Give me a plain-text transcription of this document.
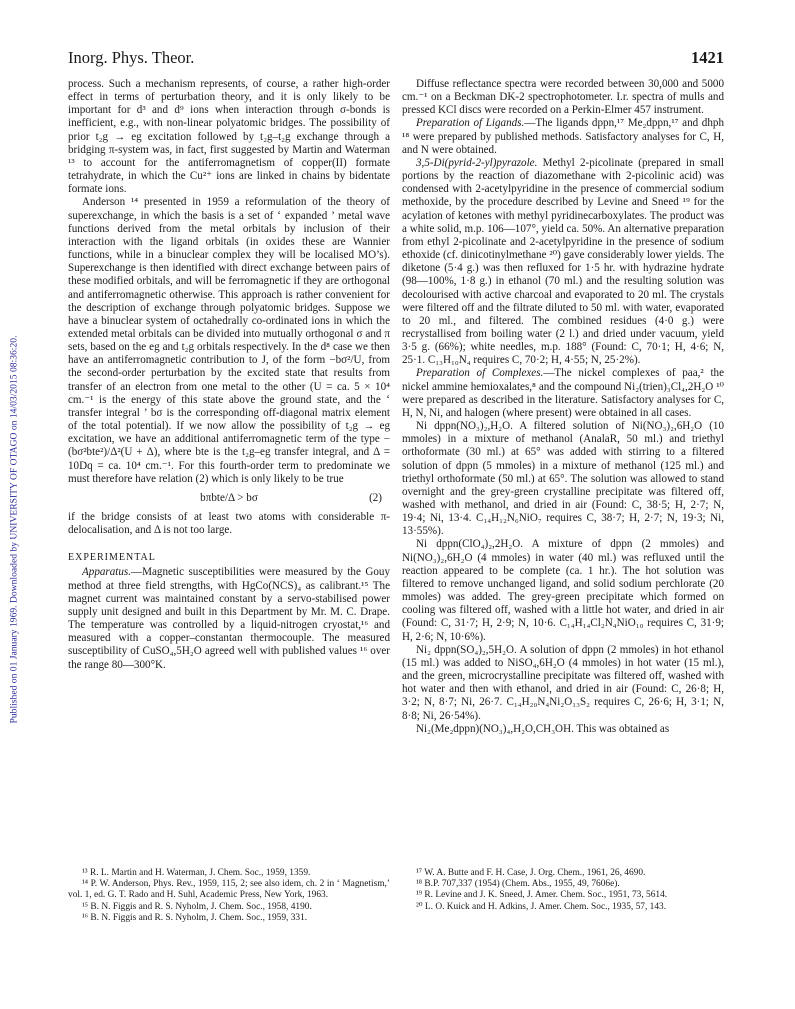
Inorg. Phys. Theor.	1421
Published on 01 January 1969. Downloaded by UNIVERSITY OF OTAGO on 14/03/2015 08:36:20.

process. Such a mechanism represents, of course, a rather high-order effect in terms of perturbation theory, and it is only likely to be important for d³ and d⁹ ions when interaction through σ-bonds is inefficient, e.g., with non-linear polyatomic bridges. The possibility of prior t₂g → eg excitation followed by t₂g–t₂g exchange through a bridging π-system was, in fact, first suggested by Martin and Waterman ¹³ to account for the antiferromagnetism of copper(II) formate tetrahydrate, in which the Cu²⁺ ions are linked in chains by bidentate formate ions.

Anderson ¹⁴ presented in 1959 a reformulation of the theory of superexchange, in which the basis is a set of ‘ expanded ’ metal wave functions derived from the metal orbitals by inclusion of their interaction with the ligand orbitals (in oxides these are Wannier functions, while in a binuclear complex they will be localised MO’s). Superexchange is then identified with direct exchange between pairs of these modified orbitals, and will be ferromagnetic if they are orthogonal and antiferromagnetic otherwise. This approach is rather convenient for the description of exchange through polyatomic bridges. Suppose we have a binuclear system of octahedrally co-ordinated ions in which the extended metal orbitals can be divided into mutually orthogonal σ and π sets, based on the eg and t₂g orbitals respectively. In the d⁸ case we then have an antiferromagnetic contribution to J, of the form −bσ²/U, from the second-order perturbation by the excited state that results from transfer of an electron from one metal to the other (U = ca. 5 × 10⁴ cm.⁻¹ is the energy of this state above the ground state, and the ‘ transfer integral ’ bσ is the corresponding off-diagonal matrix element of the total potential). If we now allow the possibility of t₂g → eg excitation, we have an additional antiferromagnetic term of the type −(bσ²bte²)/Δ²(U + Δ), where bte is the t₂g–eg transfer integral, and Δ = 10Dq = ca. 10⁴ cm.⁻¹. For this fourth-order term to predominate we must therefore have relation (2) which is only likely to be true

bπbte/Δ > bσ	(2)

if the bridge consists of at least two atoms with considerable π-delocalisation, and Δ is not too large.

EXPERIMENTAL

Apparatus.—Magnetic susceptibilities were measured by the Gouy method at three field strengths, with HgCo(NCS)₄ as calibrant.¹⁵ The magnet current was maintained constant by a servo-stabilised power supply unit designed and built in this Department by Mr. M. C. Drape. The temperature was controlled by a liquid-nitrogen cryostat,¹⁶ and measured with a copper–constantan thermocouple. The measured susceptibility of CuSO₄,5H₂O agreed well with published values ¹⁶ over the range 80—300°K.

Diffuse reflectance spectra were recorded between 30,000 and 5000 cm.⁻¹ on a Beckman DK-2 spectrophotometer. I.r. spectra of mulls and pressed KCl discs were recorded on a Perkin-Elmer 457 instrument.

Preparation of Ligands.—The ligands dppn,¹⁷ Me₂dppn,¹⁷ and dhph ¹⁸ were prepared by published methods. Satisfactory analyses for C, H, and N were obtained.

3,5-Di(pyrid-2-yl)pyrazole. Methyl 2-picolinate (prepared in small portions by the reaction of diazomethane with 2-picolinic acid) was condensed with 2-acetylpyridine in the presence of commercial sodium methoxide, by the procedure described by Levine and Sneed ¹⁹ for the acylation of ketones with methyl pyridinecarboxylates. The product was a white solid, m.p. 106—107°, yield ca. 50%. An alternative preparation from ethyl 2-picolinate and 2-acetylpyridine in the presence of sodium ethoxide (cf. dinicotinylmethane ²⁰) gave considerably lower yields. The diketone (5·4 g.) was then refluxed for 1·5 hr. with hydrazine hydrate (98—100%, 1·8 g.) in ethanol (70 ml.) and the resulting solution was decolourised with active charcoal and evaporated to 20 ml. The crystals were filtered off and the filtrate diluted to 50 ml. with water, evaporated to 20 ml., and filtered. The combined residues (4·0 g.) were recrystallised from boiling water (2 l.) and dried under vacuum, yield 3·5 g. (66%); white needles, m.p. 188° (Found: C, 70·1; H, 4·6; N, 25·1. C₁₃H₁₀N₄ requires C, 70·2; H, 4·55; N, 25·2%).

Preparation of Complexes.—The nickel complexes of paa,² the nickel ammine hemioxalates,⁸ and the compound Ni₂(trien)₃Cl₄,2H₂O ¹⁰ were prepared as described in the literature. Satisfactory analyses for C, H, N, Ni, and halogen (where present) were obtained in all cases.

Ni dppn(NO₃)₂,H₂O. A filtered solution of Ni(NO₃)₂,6H₂O (10 mmoles) in a mixture of methanol (AnalaR, 50 ml.) and triethyl orthoformate (30 ml.) at 65° was added with stirring to a filtered solution of dppn (5 mmoles) in a mixture of methanol (125 ml.) and triethyl orthoformate (50 ml.) at 65°. The solution was allowed to stand overnight and the grey-green crystalline precipitate was filtered off, washed with methanol, and dried in air (Found: C, 38·5; H, 2·7; N, 19·4; Ni, 13·4. C₁₄H₁₂N₆NiO₇ requires C, 38·7; H, 2·7; N, 19·3; Ni, 13·55%).

Ni dppn(ClO₄)₂,2H₂O. A mixture of dppn (2 mmoles) and Ni(NO₃)₂,6H₂O (4 mmoles) in water (40 ml.) was refluxed until the reaction appeared to be complete (ca. 1 hr.). The hot solution was filtered to remove unchanged ligand, and solid sodium perchlorate (20 mmoles) was added. The grey-green precipitate which formed on cooling was filtered off, washed with a little hot water, and dried in air (Found: C, 31·7; H, 2·9; N, 10·6. C₁₄H₁₄Cl₂N₄NiO₁₀ requires C, 31·9; H, 2·6; N, 10·6%).

Ni₂ dppn(SO₄)₂,5H₂O. A solution of dppn (2 mmoles) in hot ethanol (15 ml.) was added to NiSO₄,6H₂O (4 mmoles) in hot water (15 ml.), and the green, microcrystalline precipitate was filtered off, washed with hot water and then with ethanol, and dried in air (Found: C, 26·8; H, 3·2; N, 8·7; Ni, 26·7. C₁₄H₂₀N₄Ni₂O₁₃S₂ requires C, 26·6; H, 3·1; N, 8·8; Ni, 26·54%).

Ni₂(Me₂dppn)(NO₃)₄,H₂O,CH₃OH. This was obtained as

¹³ R. L. Martin and H. Waterman, J. Chem. Soc., 1959, 1359.

¹⁴ P. W. Anderson, Phys. Rev., 1959, 115, 2; see also idem, ch. 2 in ‘ Magnetism,’ vol. 1, ed. G. T. Rado and H. Suhl, Academic Press, New York, 1963.

¹⁵ B. N. Figgis and R. S. Nyholm, J. Chem. Soc., 1958, 4190.

¹⁶ B. N. Figgis and R. S. Nyholm, J. Chem. Soc., 1959, 331.

¹⁷ W. A. Butte and F. H. Case, J. Org. Chem., 1961, 26, 4690.

¹⁸ B.P. 707,337 (1954) (Chem. Abs., 1955, 49, 7606e).

¹⁹ R. Levine and J. K. Sneed, J. Amer. Chem. Soc., 1951, 73, 5614.

²⁰ L. O. Kuick and H. Adkins, J. Amer. Chem. Soc., 1935, 57, 143.
